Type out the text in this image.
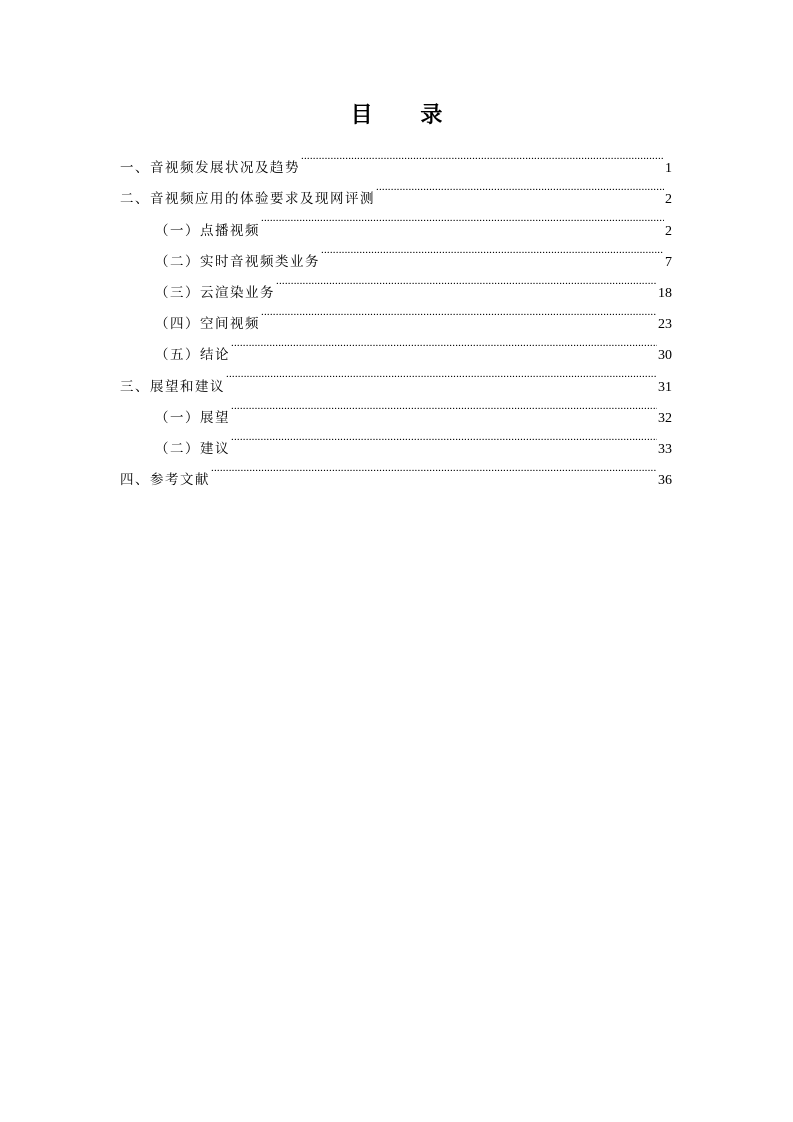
目 录
一、音视频发展状况及趋势 .....	1
二、音视频应用的体验要求及现网评测 .....	2
（一）点播视频 .....	2
（二）实时音视频类业务 .....	7
（三）云渲染业务 .....	18
（四）空间视频 .....	23
（五）结论 .....	30
三、展望和建议 .....	31
（一）展望 .....	32
（二）建议 .....	33
四、参考文献 .....	36
